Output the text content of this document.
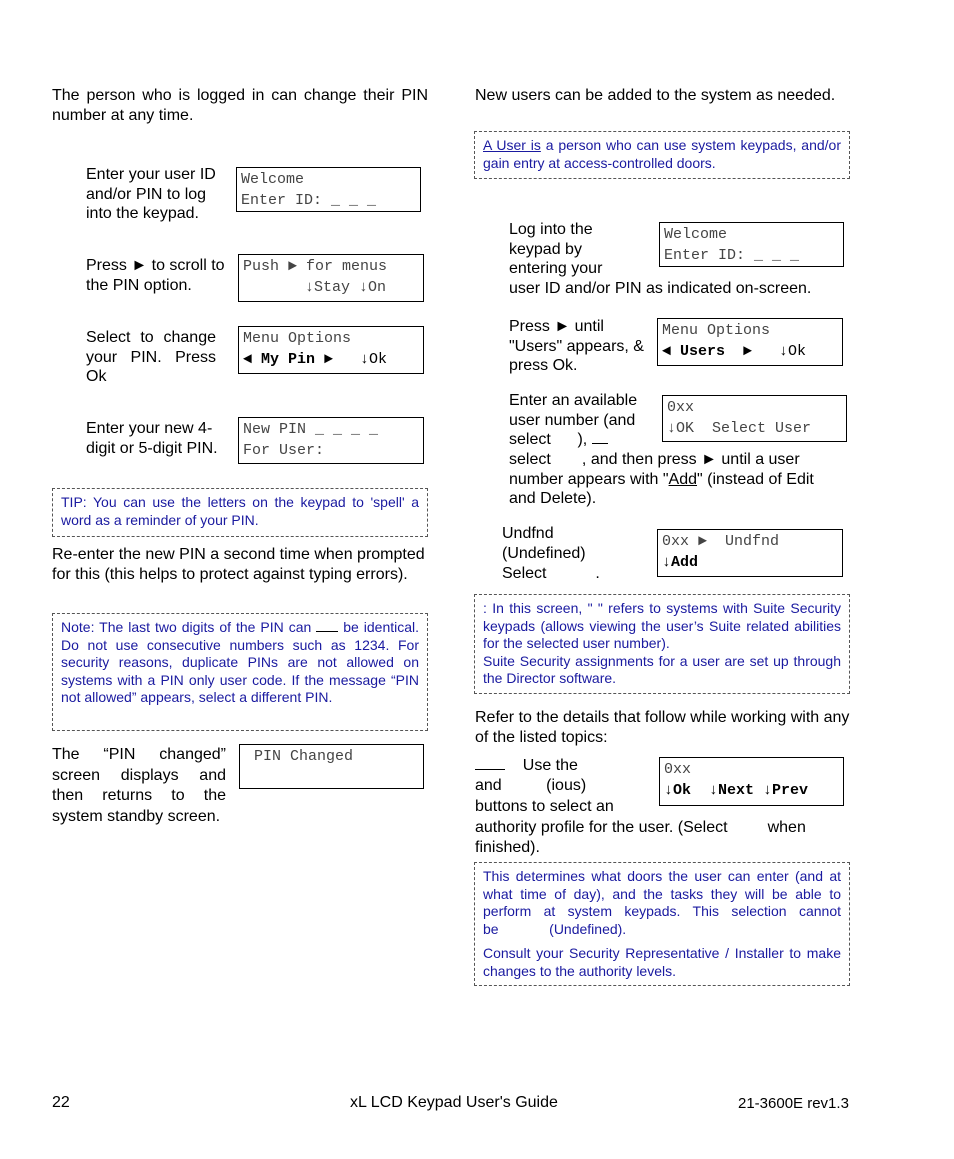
The person who is logged in can change their PIN number at any time.

Enter your user ID and/or PIN to log into the keypad.

Welcome
Enter ID: _ _ _

Press ► to scroll to the PIN option.

Push ► for menus
↓Stay ↓On

Select to change your PIN. Press Ok

Menu Options
◄ My Pin ►   ↓Ok

Enter your new 4-digit or 5-digit PIN.

New PIN _ _ _ _
For User:

TIP: You can use the letters on the keypad to 'spell' a word as a reminder of your PIN.

Re-enter the new PIN a second time when prompted for this (this helps to protect against typing errors).

Note: The last two digits of the PIN can be identical. Do not use consecutive numbers such as 1234. For security reasons, duplicate PINs are not allowed on systems with a PIN only user code. If the message “PIN not allowed” appears, select a different PIN.

The “PIN changed” screen displays and then returns to the system standby screen.

PIN Changed

New users can be added to the system as needed.

A User is a person who can use system keypads, and/or gain entry at access-controlled doors.

Log into the keypad by entering your

user ID and/or PIN as indicated on-screen.

Welcome
Enter ID: _ _ _

Press ► until "Users" appears, & press Ok.

Menu Options
◄ Users  ►   ↓Ok

Enter an available user number (and select ),

select , and then press ► until a user number appears with "Add" (instead of Edit and Delete).

0xx
↓OK  Select User

Undfnd

(Undefined)

Select	.

0xx ►  Undfnd
↓Add

: In this screen, " " refers to systems with Suite Security keypads (allows viewing the user’s Suite related abilities for the selected user number).

Suite Security assignments for a user are set up through the Director software.

Refer to the details that follow while working with any of the listed topics:

Use the

and	(ious)

buttons to select an

authority profile for the user. (Select	when finished).

0xx
↓Ok  ↓Next ↓Prev

This determines what doors the user can enter (and at what time of day), and the tasks they will be able to perform at system keypads. This selection cannot be	(Undefined).

Consult your Security Representative / Installer to make changes to the authority levels.

22	xL LCD Keypad User's Guide	21-3600E rev1.3
